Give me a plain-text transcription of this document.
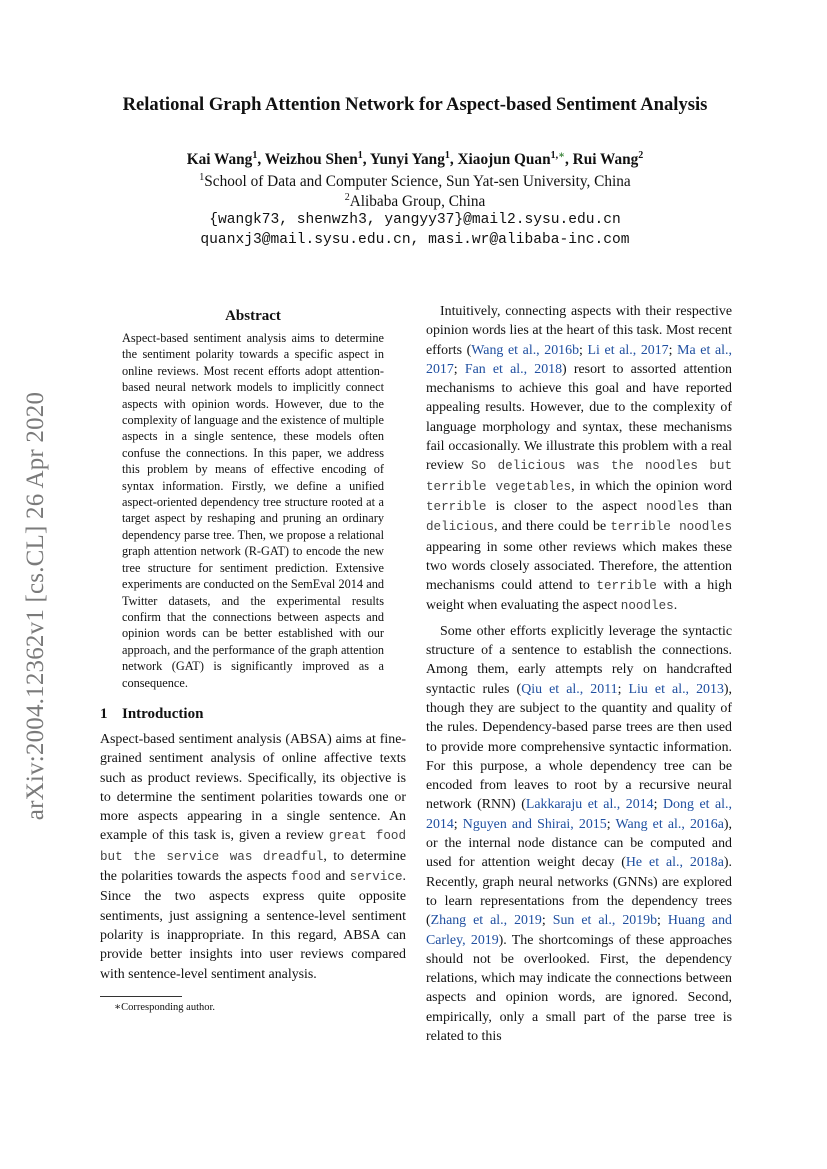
arXiv:2004.12362v1 [cs.CL] 26 Apr 2020
Relational Graph Attention Network for Aspect-based Sentiment Analysis
Kai Wang$^1$, Weizhou Shen$^1$, Yunyi Yang$^1$, Xiaojun Quan$^{1,∗}$, Rui Wang$^2$
$^1$School of Data and Computer Science, Sun Yat-sen University, China
$^2$Alibaba Group, China
{wangk73, shenwzh3, yangyy37}@mail2.sysu.edu.cn
quanxj3@mail.sysu.edu.cn, masi.wr@alibaba-inc.com
Abstract

Aspect-based sentiment analysis aims to determine the sentiment polarity towards a specific aspect in online reviews. Most recent efforts adopt attention-based neural network models to implicitly connect aspects with opinion words. However, due to the complexity of language and the existence of multiple aspects in a single sentence, these models often confuse the connections. In this paper, we address this problem by means of effective encoding of syntax information. Firstly, we define a unified aspect-oriented dependency tree structure rooted at a target aspect by reshaping and pruning an ordinary dependency parse tree. Then, we propose a relational graph attention network (R-GAT) to encode the new tree structure for sentiment prediction. Extensive experiments are conducted on the SemEval 2014 and Twitter datasets, and the experimental results confirm that the connections between aspects and opinion words can be better established with our approach, and the performance of the graph attention network (GAT) is significantly improved as a consequence.

1 Introduction

Aspect-based sentiment analysis (ABSA) aims at fine-grained sentiment analysis of online affective texts such as product reviews. Specifically, its objective is to determine the sentiment polarities towards one or more aspects appearing in a single sentence. An example of this task is, given a review great food but the service was dreadful, to determine the polarities towards the aspects food and service. Since the two aspects express quite opposite sentiments, just assigning a sentence-level sentiment polarity is inappropriate. In this regard, ABSA can provide better insights into user reviews compared with sentence-level sentiment analysis.

∗Corresponding author.

Intuitively, connecting aspects with their respective opinion words lies at the heart of this task. Most recent efforts (Wang et al., 2016b; Li et al., 2017; Ma et al., 2017; Fan et al., 2018) resort to assorted attention mechanisms to achieve this goal and have reported appealing results. However, due to the complexity of language morphology and syntax, these mechanisms fail occasionally. We illustrate this problem with a real review So delicious was the noodles but terrible vegetables, in which the opinion word terrible is closer to the aspect noodles than delicious, and there could be terrible noodles appearing in some other reviews which makes these two words closely associated. Therefore, the attention mechanisms could attend to terrible with a high weight when evaluating the aspect noodles.

Some other efforts explicitly leverage the syntactic structure of a sentence to establish the connections. Among them, early attempts rely on handcrafted syntactic rules (Qiu et al., 2011; Liu et al., 2013), though they are subject to the quantity and quality of the rules. Dependency-based parse trees are then used to provide more comprehensive syntactic information. For this purpose, a whole dependency tree can be encoded from leaves to root by a recursive neural network (RNN) (Lakkaraju et al., 2014; Dong et al., 2014; Nguyen and Shirai, 2015; Wang et al., 2016a), or the internal node distance can be computed and used for attention weight decay (He et al., 2018a). Recently, graph neural networks (GNNs) are explored to learn representations from the dependency trees (Zhang et al., 2019; Sun et al., 2019b; Huang and Carley, 2019). The shortcomings of these approaches should not be overlooked. First, the dependency relations, which may indicate the connections between aspects and opinion words, are ignored. Second, empirically, only a small part of the parse tree is related to this
